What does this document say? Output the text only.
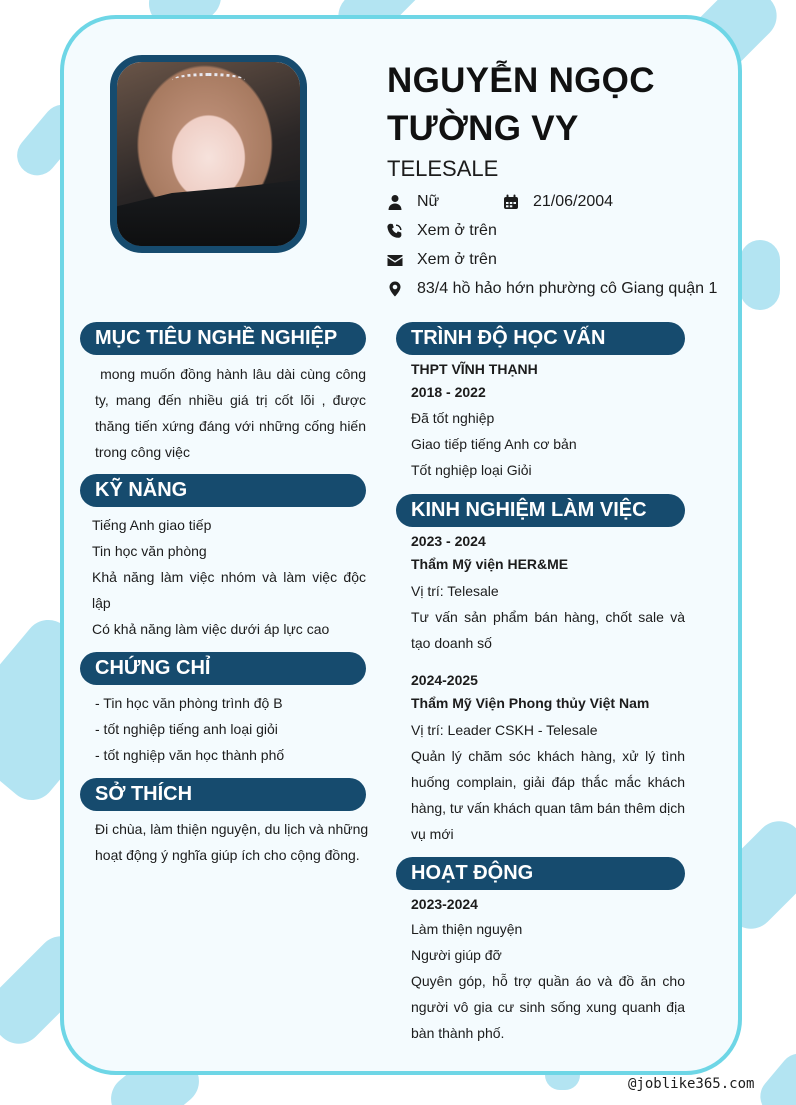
NGUYỄN NGỌC
TƯỜNG VY
TELESALE
Nữ	21/06/2004
Xem ở trên
Xem ở trên
83/4 hồ hảo hớn phường cô Giang quận 1
MỤC TIÊU NGHỀ NGHIỆP
mong muốn đồng hành lâu dài cùng công ty, mang đến nhiều giá trị cốt lõi , được thăng tiến xứng đáng với những cống hiến trong công việc
KỸ NĂNG
Tiếng Anh giao tiếp
Tin học văn phòng
Khả năng làm việc nhóm và làm việc độc lập
Có khả năng làm việc dưới áp lực cao
CHỨNG CHỈ
- Tin học văn phòng trình độ B
- tốt nghiệp tiếng anh loại giỏi
- tốt nghiệp văn học thành phố
SỞ THÍCH
Đi chùa, làm thiện nguyện, du lịch và những hoạt động ý nghĩa giúp ích cho cộng đồng.
TRÌNH ĐỘ HỌC VẤN
THPT VĨNH THẠNH
2018 - 2022
Đã tốt nghiệp
Giao tiếp tiếng Anh cơ bản
Tốt nghiệp loại Giỏi
KINH NGHIỆM LÀM VIỆC
2023 - 2024
Thẩm Mỹ viện HER&ME
Vị trí: Telesale
Tư vấn sản phẩm bán hàng, chốt sale và tạo doanh số
2024-2025
Thẩm Mỹ Viện Phong thủy Việt Nam
Vị trí: Leader CSKH - Telesale
Quản lý chăm sóc khách hàng, xử lý tình huống complain, giải đáp thắc mắc khách hàng, tư vấn khách quan tâm bán thêm dịch vụ mới
HOẠT ĐỘNG
2023-2024
Làm thiện nguyện
Người giúp đỡ
Quyên góp, hỗ trợ quần áo và đồ ăn cho người vô gia cư sinh sống xung quanh địa bàn thành phố.
@joblike365.com
